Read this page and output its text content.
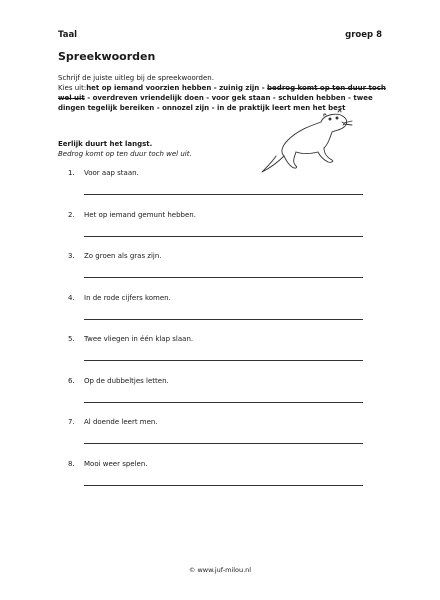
Taal	groep 8
Spreekwoorden
Schrijf de juiste uitleg bij de spreekwoorden.
Kies uit:het op iemand voorzien hebben - zuinig zijn - bedrog komt op ten duur toch wel uit - overdreven vriendelijk doen - voor gek staan - schulden hebben - twee dingen tegelijk bereiken - onnozel zijn - in de praktijk leert men het best
Eerlijk duurt het langst.
Bedrog komt op ten duur toch wel uit.
1.	Voor aap staan.
2.	Het op iemand gemunt hebben.
3.	Zo groen als gras zijn.
4.	In de rode cijfers komen.
5.	Twee vliegen in één klap slaan.
6.	Op de dubbeltjes letten.
7.	Al doende leert men.
8.	Mooi weer spelen.
© www.juf-milou.nl
